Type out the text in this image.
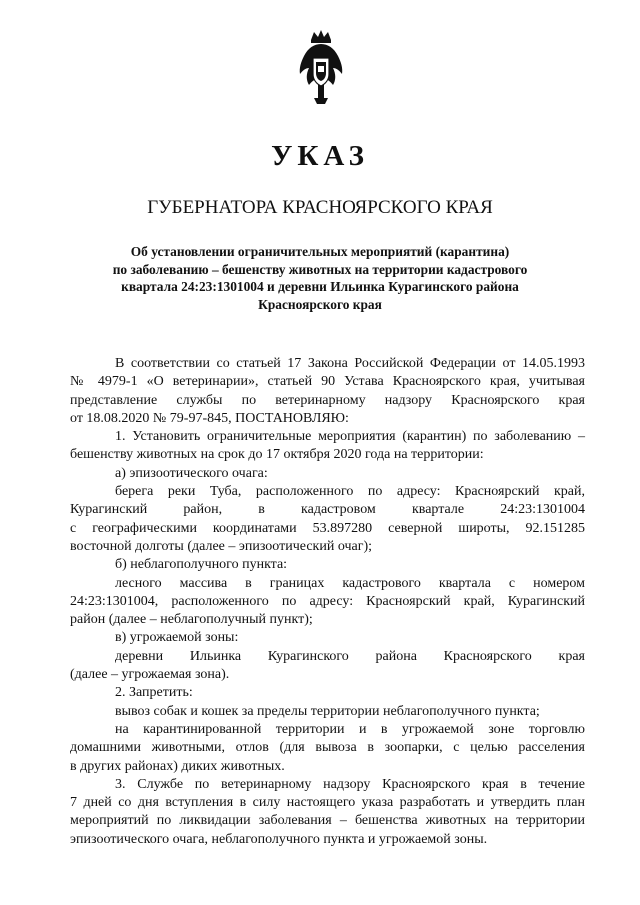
УКАЗ
ГУБЕРНАТОРА КРАСНОЯРСКОГО КРАЯ
Об установлении ограничительных мероприятий (карантина)
по заболеванию – бешенству животных на территории кадастрового
квартала 24:23:1301004 и деревни Ильинка Курагинского района
Красноярского края
В соответствии со статьей 17 Закона Российской Федерации от 14.05.1993
№ 4979-1 «О ветеринарии», статьей 90 Устава Красноярского края, учитывая
представление службы по ветеринарному надзору Красноярского края
от 18.08.2020 № 79-97-845, ПОСТАНОВЛЯЮ:
1. Установить ограничительные мероприятия (карантин) по заболеванию –
бешенству животных на срок до 17 октября 2020 года на территории:
а) эпизоотического очага:
берега реки Туба, расположенного по адресу: Красноярский край,
Курагинский район, в кадастровом квартале 24:23:1301004
с географическими координатами 53.897280 северной широты, 92.151285
восточной долготы (далее – эпизоотический очаг);
б) неблагополучного пункта:
лесного массива в границах кадастрового квартала с номером
24:23:1301004, расположенного по адресу: Красноярский край, Курагинский
район (далее – неблагополучный пункт);
в) угрожаемой зоны:
деревни Ильинка Курагинского района Красноярского края
(далее – угрожаемая зона).
2. Запретить:
вывоз собак и кошек за пределы территории неблагополучного пункта;
на карантинированной территории и в угрожаемой зоне торговлю
домашними животными, отлов (для вывоза в зоопарки, с целью расселения
в других районах) диких животных.
3. Службе по ветеринарному надзору Красноярского края в течение
7 дней со дня вступления в силу настоящего указа разработать и утвердить план
мероприятий по ликвидации заболевания – бешенства животных на территории
эпизоотического очага, неблагополучного пункта и угрожаемой зоны.
